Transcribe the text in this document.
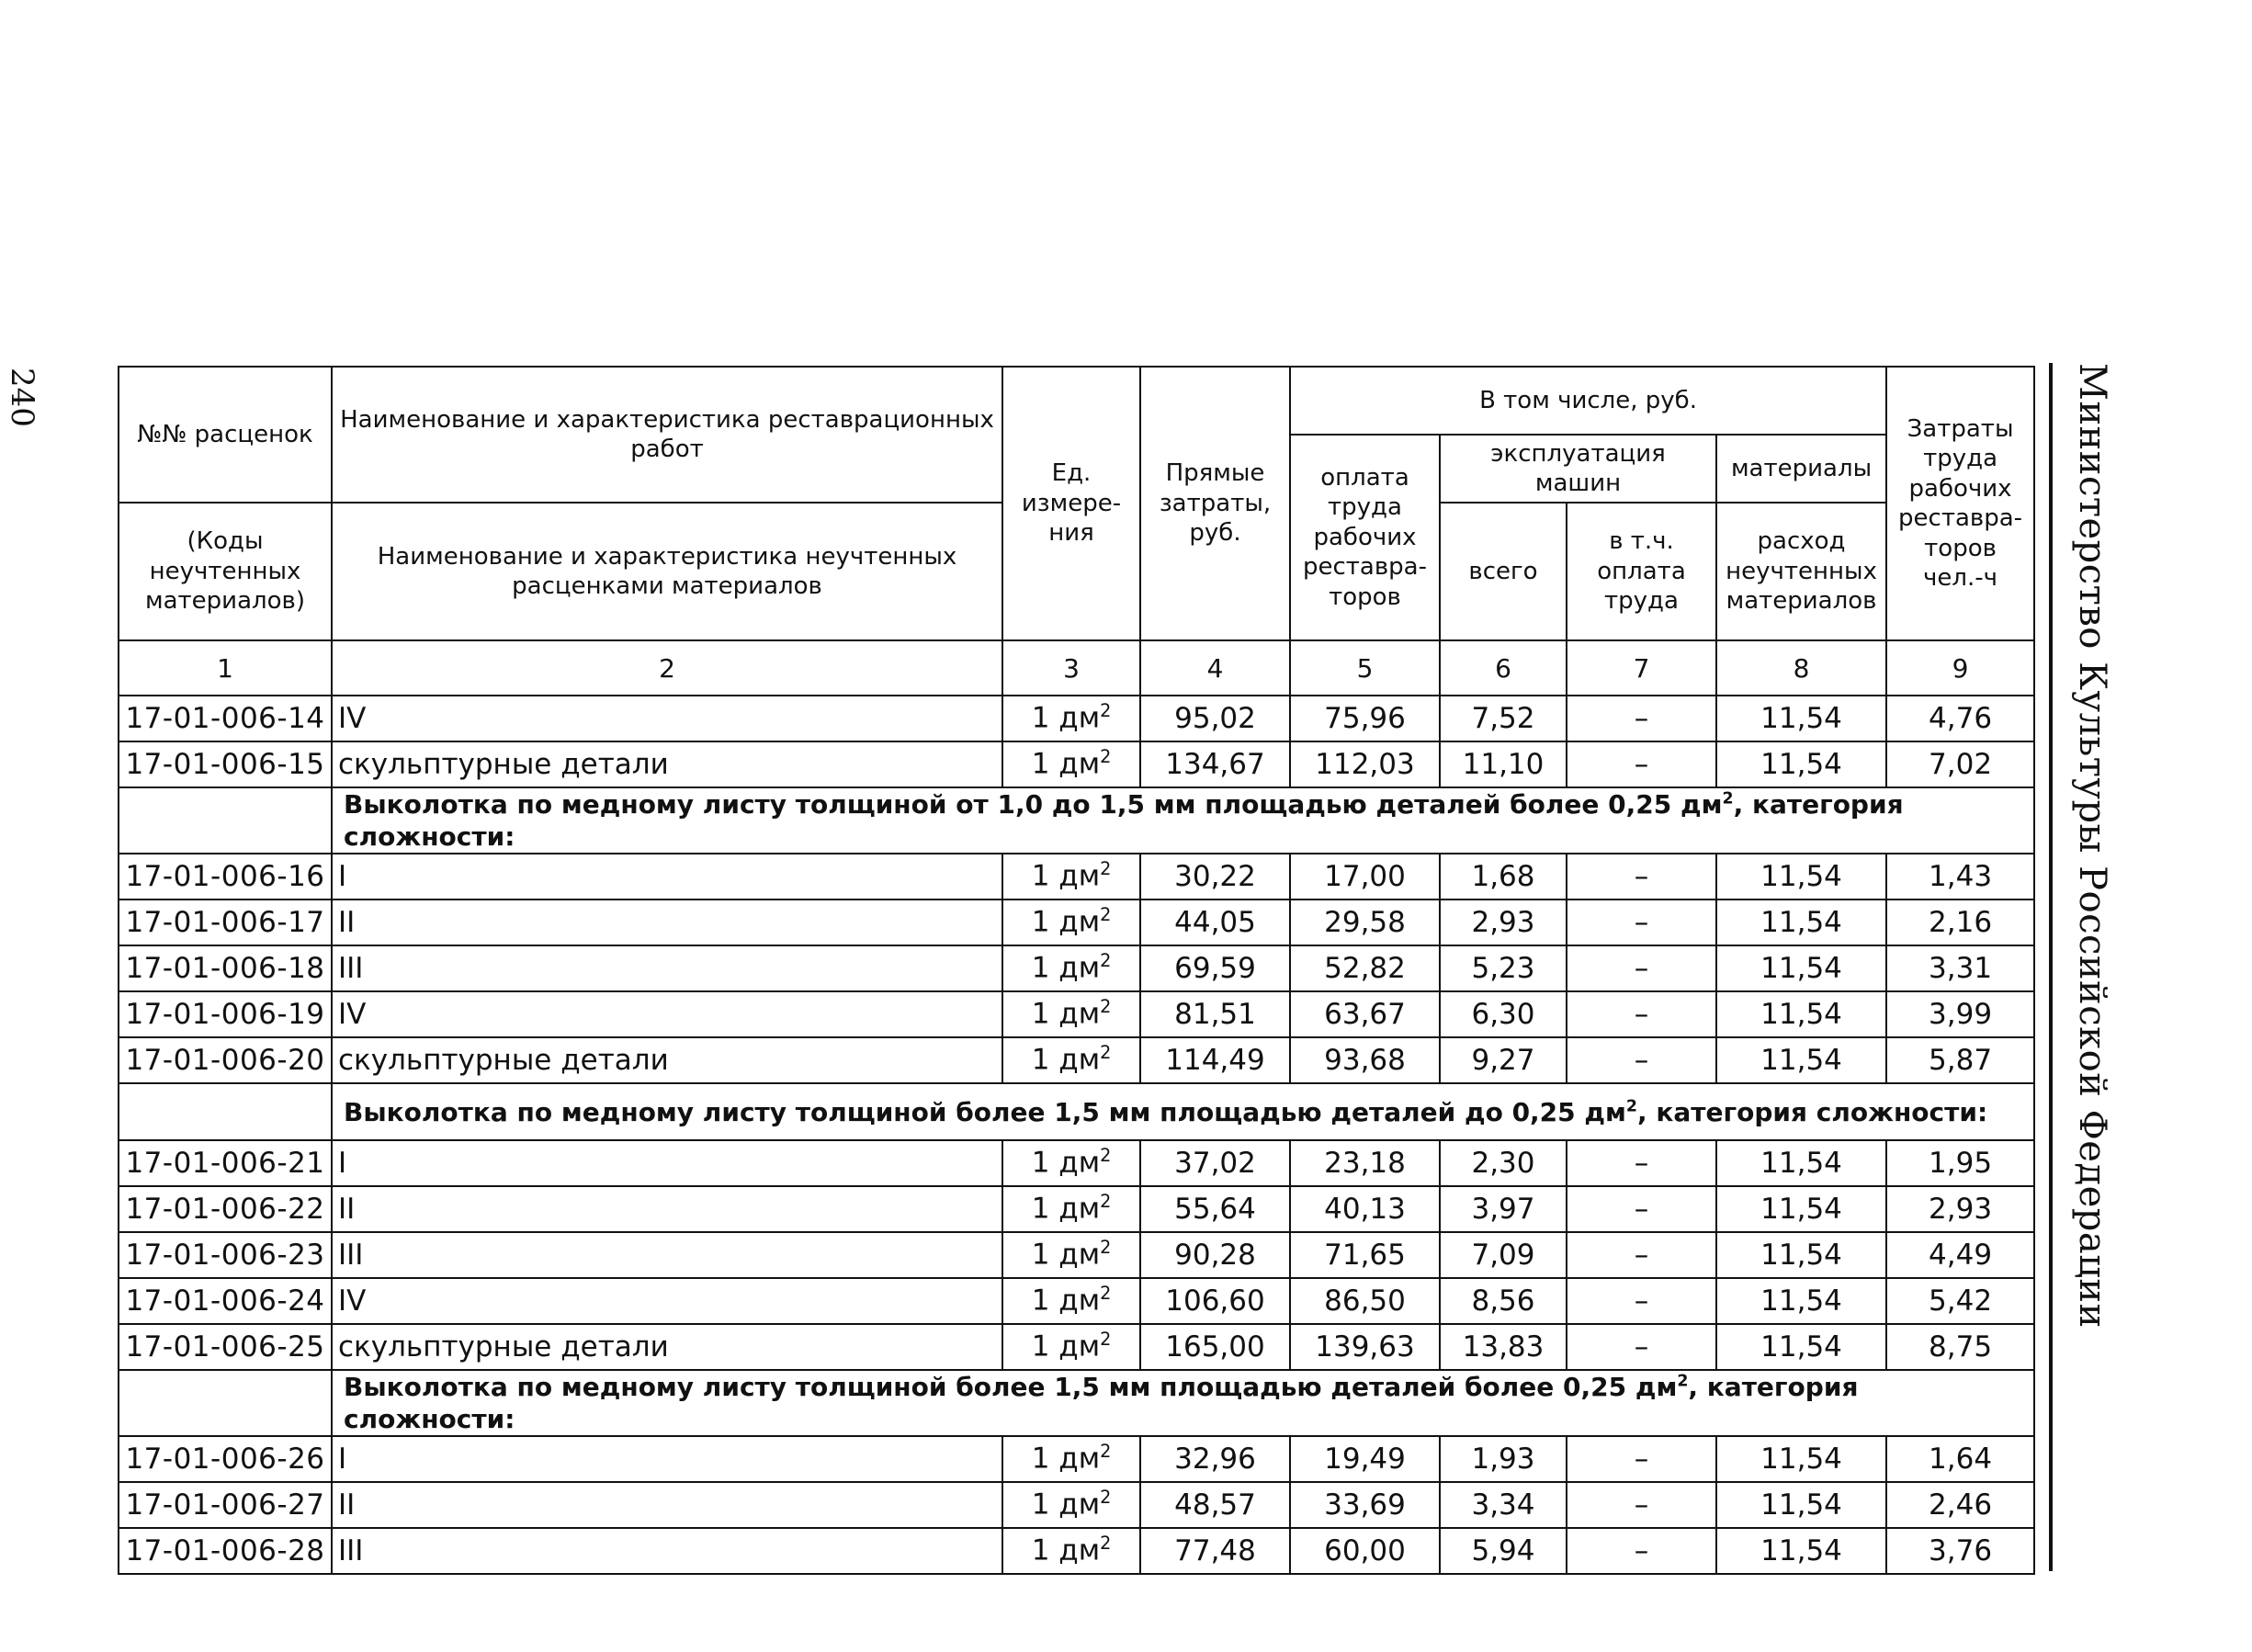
240	Министерство Культуры Российской Федерации
№№ расценок	Наименование и характеристика реставрационных работ	Ед. измере-ния	Прямые затраты, руб.	В том числе, руб.				Затраты труда рабочих реставра-торов чел.-ч
				оплата труда рабочих реставра-торов	эксплуатация машин		материалы	
(Коды неучтенных материалов)	Наименование и характеристика неучтенных расценками материалов				всего	в т.ч. оплата труда	расход неучтенных материалов	
1	2	3	4	5	6	7	8	9
17-01-006-14	IV	1 $дм^2$	95,02	75,96	7,52	–	11,54	4,76
17-01-006-15	скульптурные детали	1 $дм^2$	134,67	112,03	11,10	–	11,54	7,02
	Выколотка по медному листу толщиной от 1,0 до 1,5 мм площадью деталей более 0,25 $дм^2$, категория сложности:							
17-01-006-16	I	1 $дм^2$	30,22	17,00	1,68	–	11,54	1,43
17-01-006-17	II	1 $дм^2$	44,05	29,58	2,93	–	11,54	2,16
17-01-006-18	III	1 $дм^2$	69,59	52,82	5,23	–	11,54	3,31
17-01-006-19	IV	1 $дм^2$	81,51	63,67	6,30	–	11,54	3,99
17-01-006-20	скульптурные детали	1 $дм^2$	114,49	93,68	9,27	–	11,54	5,87
	Выколотка по медному листу толщиной более 1,5 мм площадью деталей до 0,25 $дм^2$, категория сложности:							
17-01-006-21	I	1 $дм^2$	37,02	23,18	2,30	–	11,54	1,95
17-01-006-22	II	1 $дм^2$	55,64	40,13	3,97	–	11,54	2,93
17-01-006-23	III	1 $дм^2$	90,28	71,65	7,09	–	11,54	4,49
17-01-006-24	IV	1 $дм^2$	106,60	86,50	8,56	–	11,54	5,42
17-01-006-25	скульптурные детали	1 $дм^2$	165,00	139,63	13,83	–	11,54	8,75
	Выколотка по медному листу толщиной более 1,5 мм площадью деталей более 0,25 $дм^2$, категория сложности:							
17-01-006-26	I	1 $дм^2$	32,96	19,49	1,93	–	11,54	1,64
17-01-006-27	II	1 $дм^2$	48,57	33,69	3,34	–	11,54	2,46
17-01-006-28	III	1 $дм^2$	77,48	60,00	5,94	–	11,54	3,76
